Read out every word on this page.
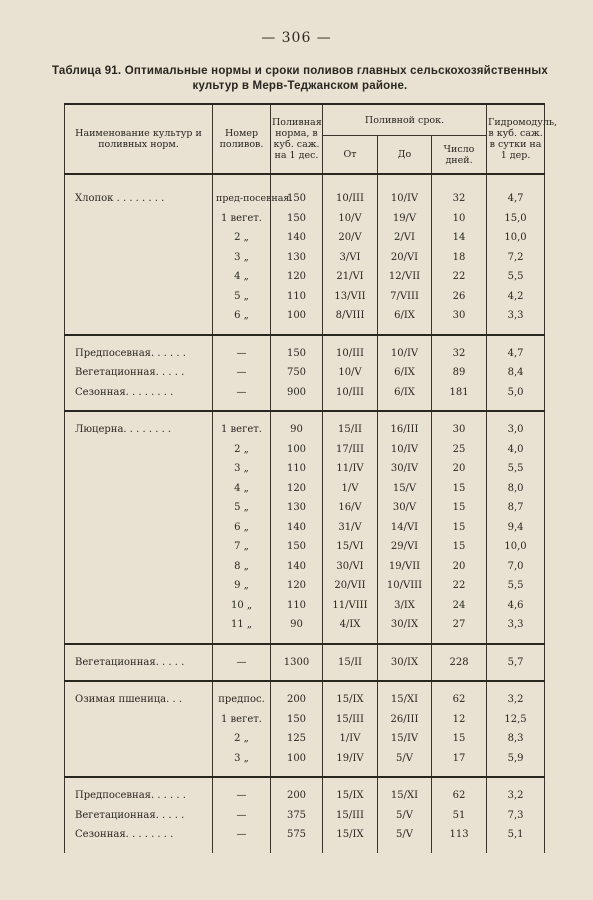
— 306 —
Таблица 91. Оптимальные нормы и сроки поливов главных сельскохозяйственных
культур в Мерв-Теджанском районе.
Наименование культур и поливных норм.	Номер поливов.	Поливная норма, в куб. саж. на 1 дес.	Поливной срок.			Гидромодуль, в куб. саж. в сутки на 1 дер.
			От	До	Число дней.	

Хлопок . . . . . . . .	пред-посевная.	150	10/III	10/IV	32	4,7
	1 вегет.	150	10/V	19/V	10	15,0
	2 „	140	20/V	2/VI	14	10,0
	3 „	130	3/VI	20/VI	18	7,2
	4 „	120	21/VI	12/VII	22	5,5
	5 „	110	13/VII	7/VIII	26	4,2
	6 „	100	8/VIII	6/IX	30	3,3

Предпосевная. . . . . .	—	150	10/III	10/IV	32	4,7
Вегетационная. . . . .	—	750	10/V	6/IX	89	8,4
Сезонная. . . . . . . .	—	900	10/III	6/IX	181	5,0

Люцерна. . . . . . . .	1 вегет.	90	15/II	16/III	30	3,0
	2 „	100	17/III	10/IV	25	4,0
	3 „	110	11/IV	30/IV	20	5,5
	4 „	120	1/V	15/V	15	8,0
	5 „	130	16/V	30/V	15	8,7
	6 „	140	31/V	14/VI	15	9,4
	7 „	150	15/VI	29/VI	15	10,0
	8 „	140	30/VI	19/VII	20	7,0
	9 „	120	20/VII	10/VIII	22	5,5
	10 „	110	11/VIII	3/IX	24	4,6
	11 „	90	4/IX	30/IX	27	3,3

Вегетационная. . . . .	—	1300	15/II	30/IX	228	5,7

Озимая пшеница. . .	предпос.	200	15/IX	15/XI	62	3,2
	1 вегет.	150	15/III	26/III	12	12,5
	2 „	125	1/IV	15/IV	15	8,3
	3 „	100	19/IV	5/V	17	5,9

Предпосевная. . . . . .	—	200	15/IX	15/XI	62	3,2
Вегетационная. . . . .	—	375	15/III	5/V	51	7,3
Сезонная. . . . . . . .	—	575	15/IX	5/V	113	5,1
